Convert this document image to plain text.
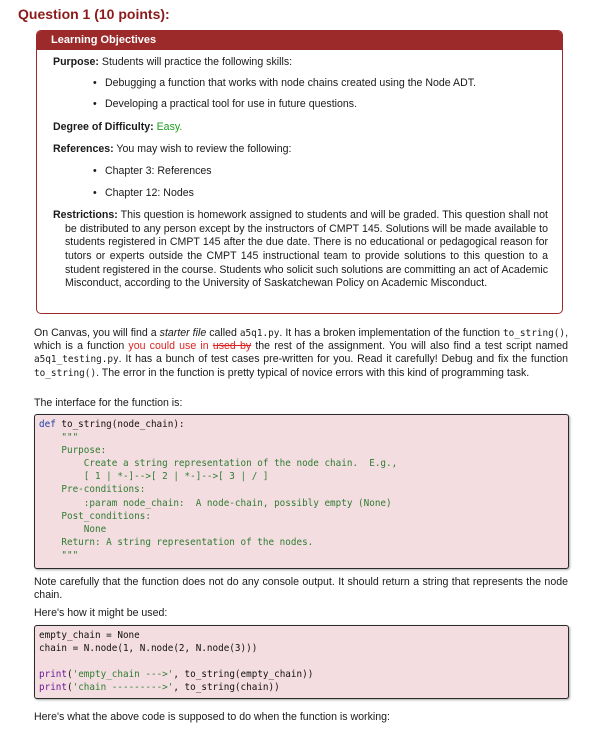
Question 1 (10 points):
Learning Objectives

Purpose: Students will practice the following skills:

• Debugging a function that works with node chains created using the Node ADT.
• Developing a practical tool for use in future questions.

Degree of Difficulty: Easy.

References: You may wish to review the following:

• Chapter 3: References
• Chapter 12: Nodes

Restrictions: This question is homework assigned to students and will be graded. This question shall not be distributed to any person except by the instructors of CMPT 145. Solutions will be made available to students registered in CMPT 145 after the due date. There is no educational or pedagogical reason for tutors or experts outside the CMPT 145 instructional team to provide solutions to this question to a student registered in the course. Students who solicit such solutions are committing an act of Academic Misconduct, according to the University of Saskatchewan Policy on Academic Misconduct.

On Canvas, you will find a starter file called a5q1.py. It has a broken implementation of the function to_string(), which is a function you could use in used by the rest of the assignment. You will also find a test script named a5q1_testing.py. It has a bunch of test cases pre-written for you. Read it carefully! Debug and fix the function to_string(). The error in the function is pretty typical of novice errors with this kind of programming task.
The interface for the function is:
def to_string(node_chain):
"""
Purpose:
Create a string representation of the node chain.  E.g.,
[ 1 | *-]-->[ 2 | *-]-->[ 3 | / ]
Pre-conditions:
:param node_chain:  A node-chain, possibly empty (None)
Post_conditions:
None
Return: A string representation of the nodes.
"""
Note carefully that the function does not do any console output. It should return a string that represents the node chain.
Here's how it might be used:
empty_chain = None
chain = N.node(1, N.node(2, N.node(3)))

print('empty_chain --->', to_string(empty_chain))
print('chain --------->', to_string(chain))
Here's what the above code is supposed to do when the function is working:
